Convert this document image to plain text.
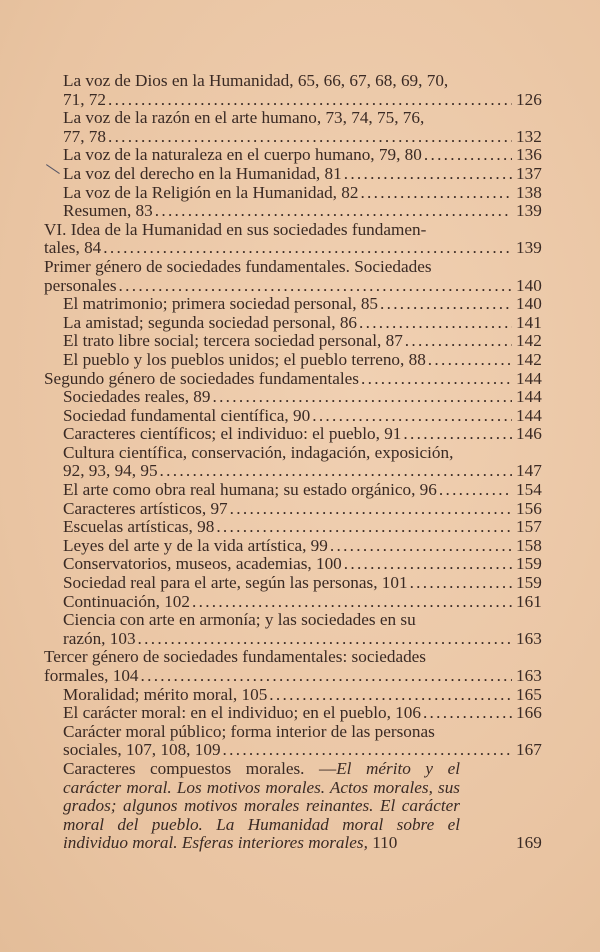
La voz de Dios en la Humanidad, 65, 66, 67, 68, 69, 70,
71, 72 . . .	126
La voz de la razón en el arte humano, 73, 74, 75, 76,
77, 78 . . .	132
La voz de la naturaleza en el cuerpo humano, 79, 80 . . .	136
La voz del derecho en la Humanidad, 81 . . .	137
La voz de la Religión en la Humanidad, 82 . . .	138
Resumen, 83 . . .	139
VI. Idea de la Humanidad en sus sociedades fundamen-
tales, 84 . . .	139
Primer género de sociedades fundamentales. Sociedades
personales . . .	140
El matrimonio; primera sociedad personal, 85 . . .	140
La amistad; segunda sociedad personal, 86 . . .	141
El trato libre social; tercera sociedad personal, 87 . . .	142
El pueblo y los pueblos unidos; el pueblo terreno, 88 . . .	142
Segundo género de sociedades fundamentales . . .	144
Sociedades reales, 89 . . .	144
Sociedad fundamental científica, 90 . . .	144
Caracteres científicos; el individuo: el pueblo, 91 . . .	146
Cultura científica, conservación, indagación, exposición,
92, 93, 94, 95 . . .	147
El arte como obra real humana; su estado orgánico, 96 . . .	154
Caracteres artísticos, 97 . . .	156
Escuelas artísticas, 98 . . .	157
Leyes del arte y de la vida artística, 99 . . .	158
Conservatorios, museos, academias, 100 . . .	159
Sociedad real para el arte, según las personas, 101 . . .	159
Continuación, 102 . . .	161
Ciencia con arte en armonía; y las sociedades en su
razón, 103 . . .	163
Tercer género de sociedades fundamentales: sociedades
formales, 104 . . .	163
Moralidad; mérito moral, 105 . . .	165
El carácter moral: en el individuo; en el pueblo, 106 . . .	166
Carácter moral público; forma interior de las personas
sociales, 107, 108, 109 . . .	167
Caracteres compuestos morales. —El mérito y el carácter moral. Los motivos morales. Actos morales, sus grados; algunos motivos morales reinantes. El carácter moral del pueblo. La Humanidad moral sobre el individuo moral. Esferas interiores morales, 110	169
